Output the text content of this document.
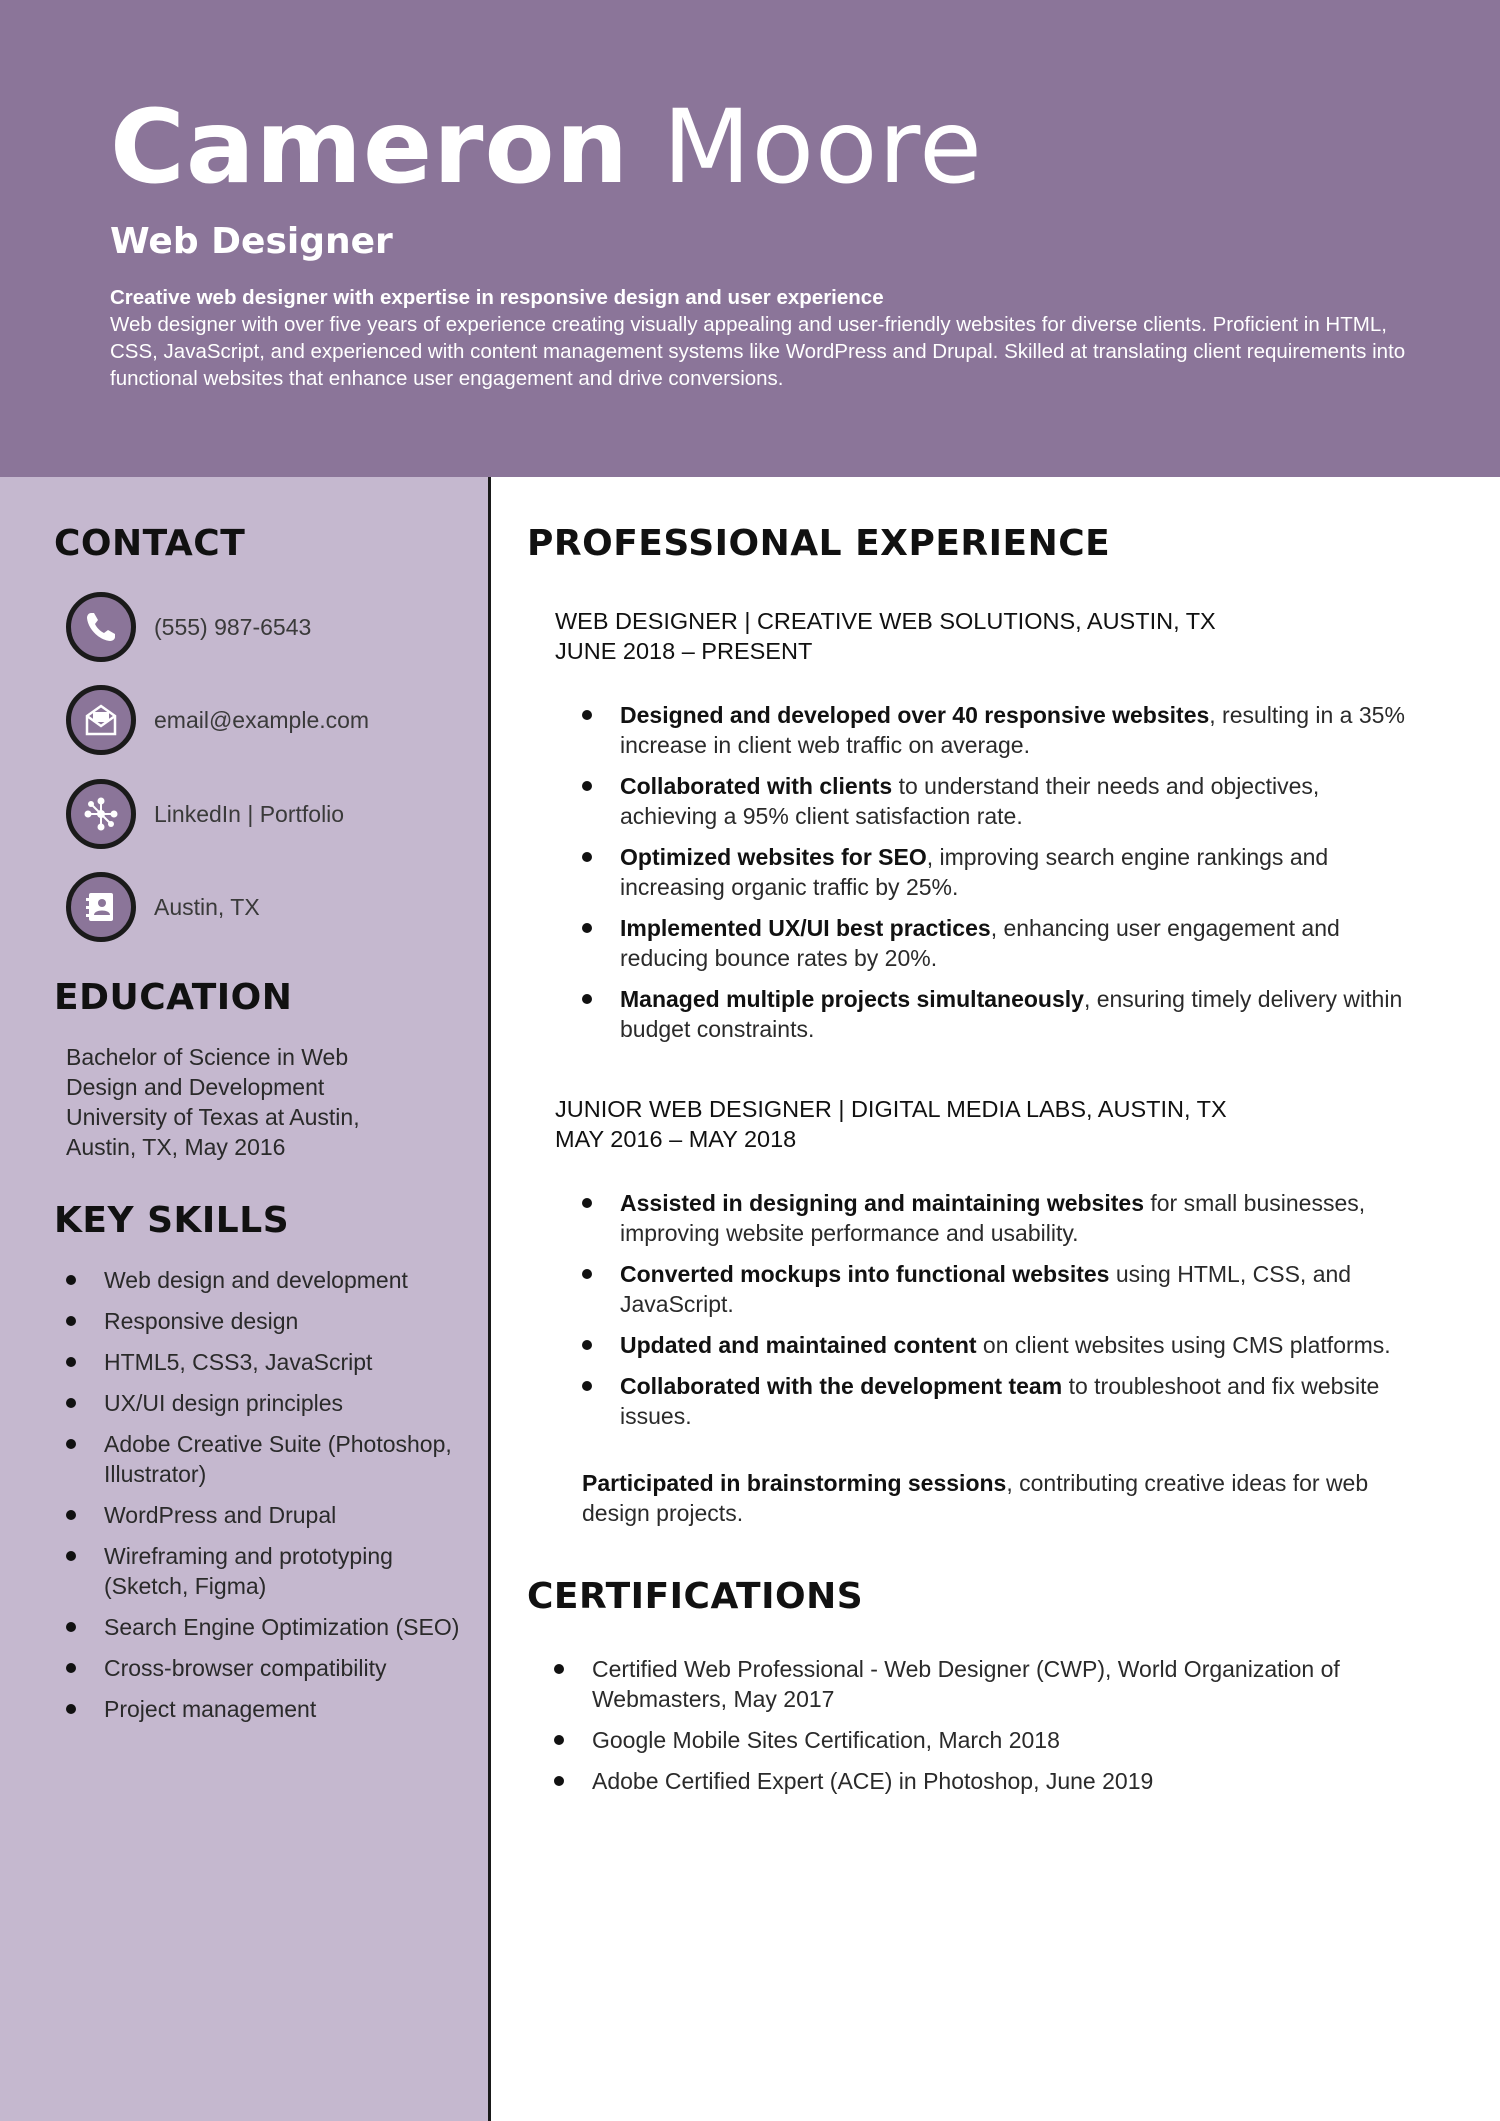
Cameron Moore
Web Designer
Creative web designer with expertise in responsive design and user experience
Web designer with over five years of experience creating visually appealing and user-friendly websites for diverse clients. Proficient in HTML, CSS, JavaScript, and experienced with content management systems like WordPress and Drupal. Skilled at translating client requirements into functional websites that enhance user engagement and drive conversions.
CONTACT
(555) 987-6543
email@example.com
LinkedIn | Portfolio
Austin, TX
EDUCATION
Bachelor of Science in Web
Design and Development
University of Texas at Austin,
Austin, TX, May 2016
KEY SKILLS
Web design and development
Responsive design
HTML5, CSS3, JavaScript
UX/UI design principles
Adobe Creative Suite (Photoshop, Illustrator)
WordPress and Drupal
Wireframing and prototyping (Sketch, Figma)
Search Engine Optimization (SEO)
Cross-browser compatibility
Project management
PROFESSIONAL EXPERIENCE
WEB DESIGNER | CREATIVE WEB SOLUTIONS, AUSTIN, TX
JUNE 2018 – PRESENT
Designed and developed over 40 responsive websites, resulting in a 35% increase in client web traffic on average.
Collaborated with clients to understand their needs and objectives, achieving a 95% client satisfaction rate.
Optimized websites for SEO, improving search engine rankings and increasing organic traffic by 25%.
Implemented UX/UI best practices, enhancing user engagement and reducing bounce rates by 20%.
Managed multiple projects simultaneously, ensuring timely delivery within budget constraints.
JUNIOR WEB DESIGNER | DIGITAL MEDIA LABS, AUSTIN, TX
MAY 2016 – MAY 2018
Assisted in designing and maintaining websites for small businesses, improving website performance and usability.
Converted mockups into functional websites using HTML, CSS, and JavaScript.
Updated and maintained content on client websites using CMS platforms.
Collaborated with the development team to troubleshoot and fix website issues.
Participated in brainstorming sessions, contributing creative ideas for web design projects.
CERTIFICATIONS
Certified Web Professional - Web Designer (CWP), World Organization of Webmasters, May 2017
Google Mobile Sites Certification, March 2018
Adobe Certified Expert (ACE) in Photoshop, June 2019
